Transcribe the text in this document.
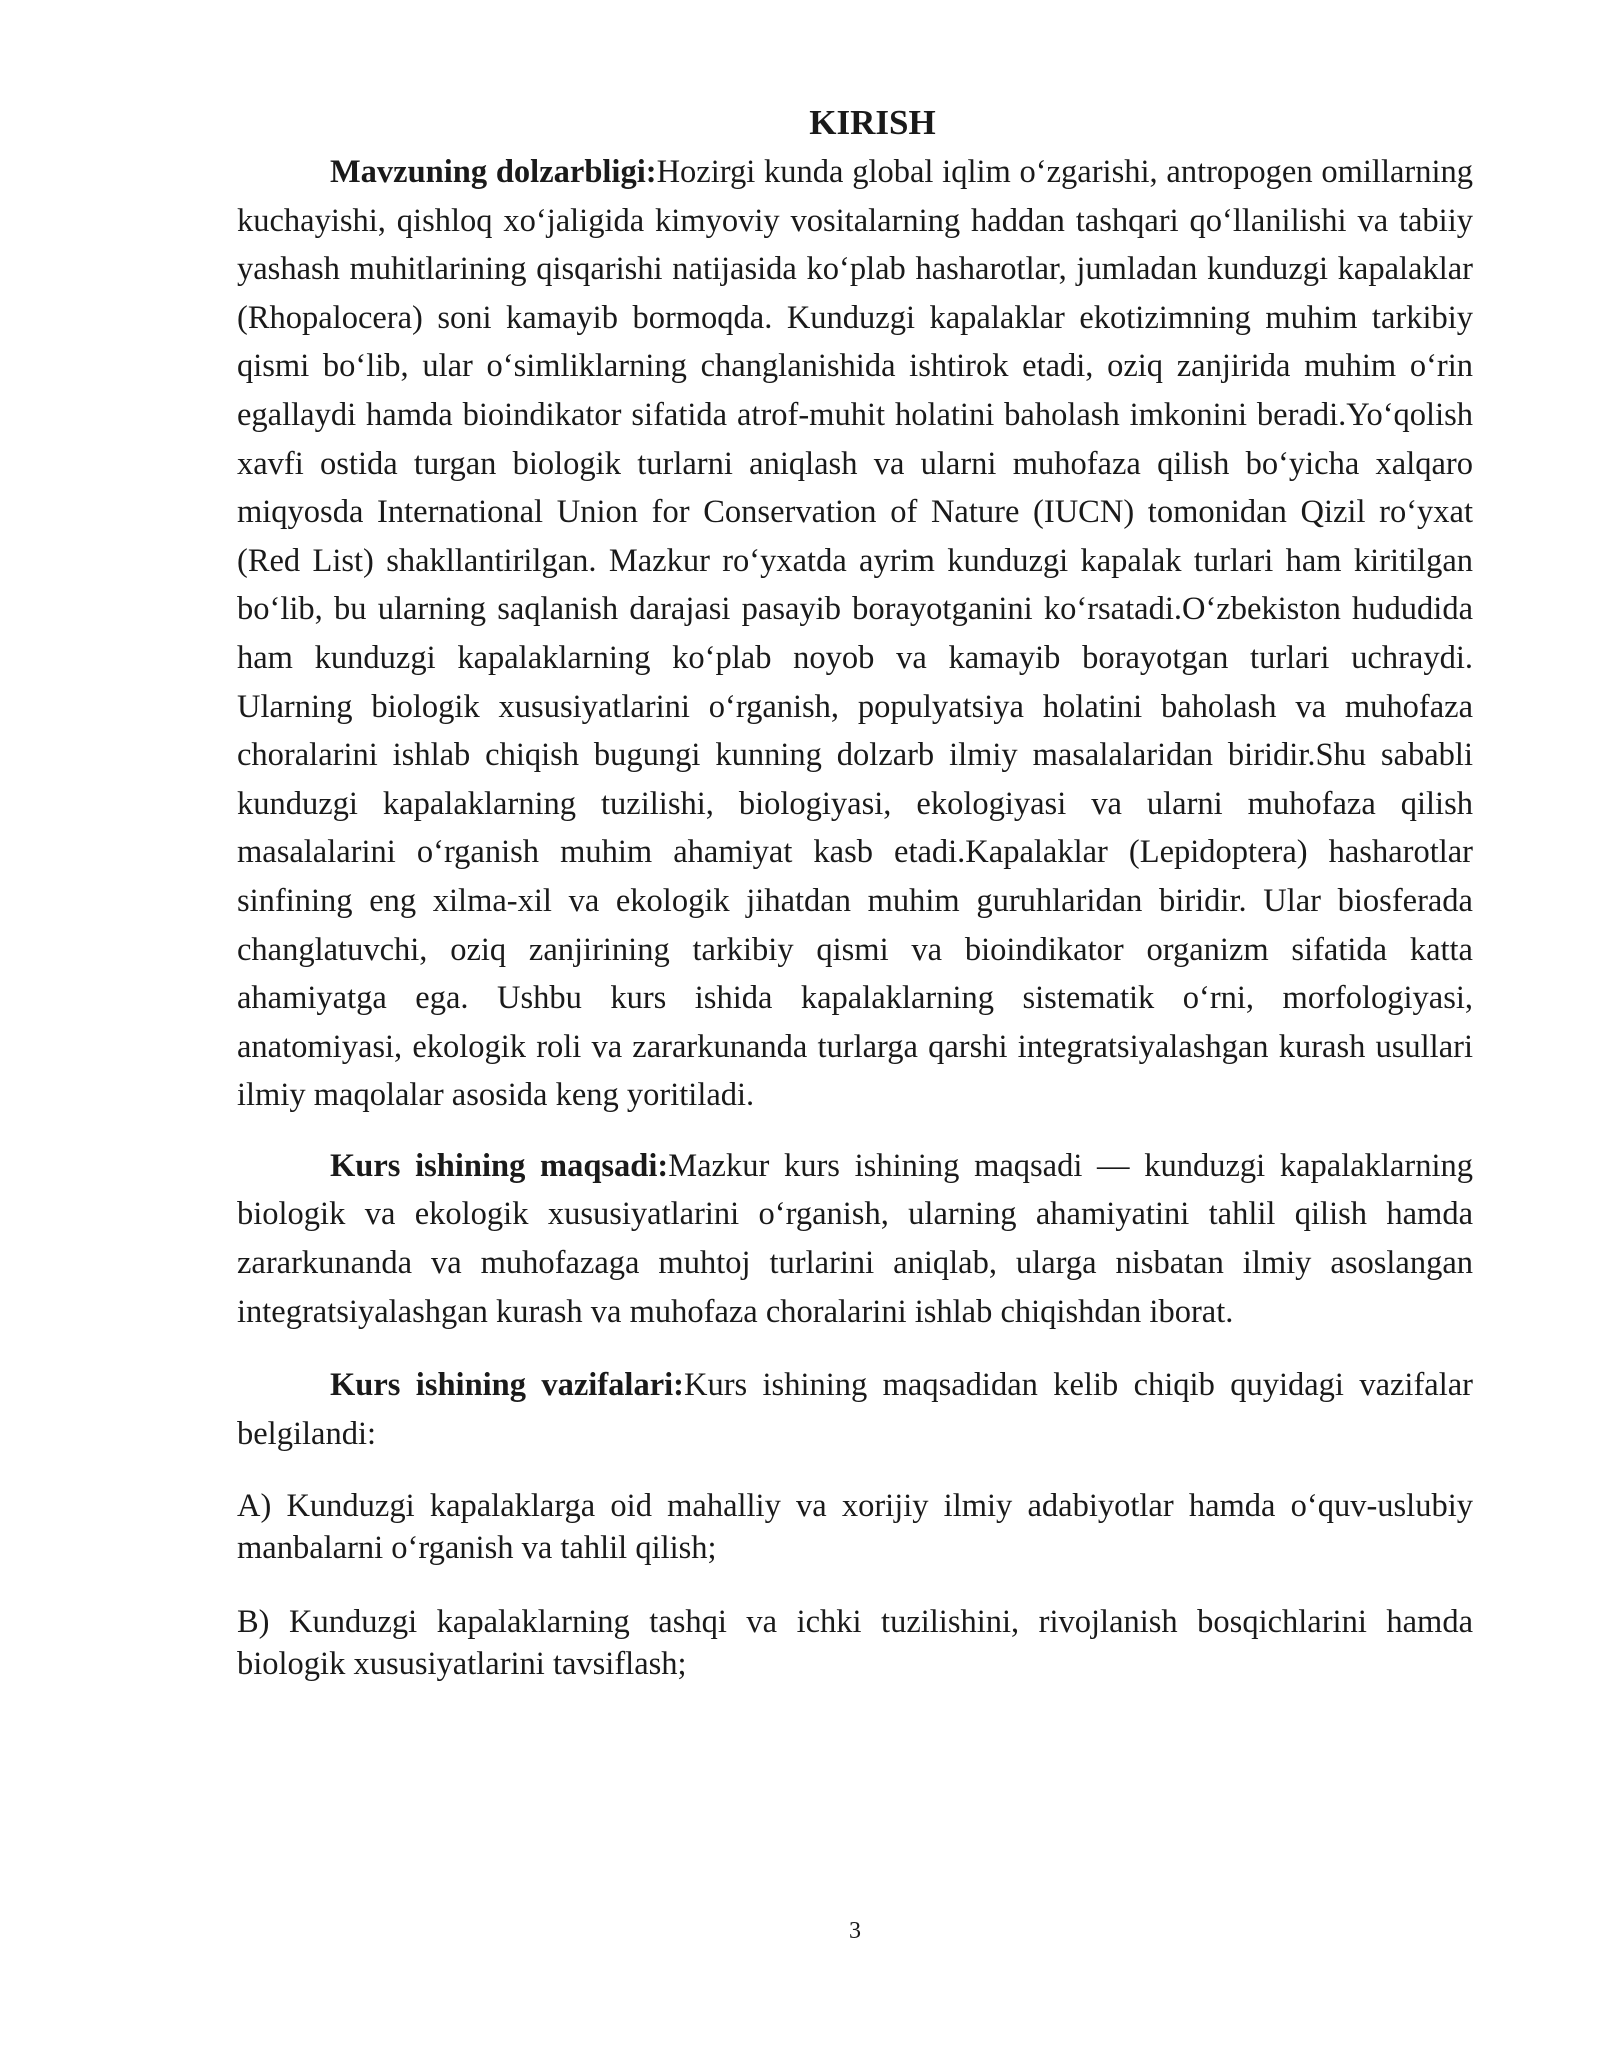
KIRISH

Mavzuning dolzarbligi:Hozirgi kunda global iqlim o‘zgarishi, antropogen omillarning kuchayishi, qishloq xo‘jaligida kimyoviy vositalarning haddan tashqari qo‘llanilishi va tabiiy yashash muhitlarining qisqarishi natijasida ko‘plab hasharotlar, jumladan kunduzgi kapalaklar (Rhopalocera) soni kamayib bormoqda. Kunduzgi kapalaklar ekotizimning muhim tarkibiy qismi bo‘lib, ular o‘simliklarning changlanishida ishtirok etadi, oziq zanjirida muhim o‘rin egallaydi hamda bioindikator sifatida atrof-muhit holatini baholash imkonini beradi.Yo‘qolish xavfi ostida turgan biologik turlarni aniqlash va ularni muhofaza qilish bo‘yicha xalqaro miqyosda International Union for Conservation of Nature (IUCN) tomonidan Qizil ro‘yxat (Red List) shakllantirilgan. Mazkur ro‘yxatda ayrim kunduzgi kapalak turlari ham kiritilgan bo‘lib, bu ularning saqlanish darajasi pasayib borayotganini ko‘rsatadi.O‘zbekiston hududida ham kunduzgi kapalaklarning ko‘plab noyob va kamayib borayotgan turlari uchraydi. Ularning biologik xususiyatlarini o‘rganish, populyatsiya holatini baholash va muhofaza choralarini ishlab chiqish bugungi kunning dolzarb ilmiy masalalaridan biridir.Shu sababli kunduzgi kapalaklarning tuzilishi, biologiyasi, ekologiyasi va ularni muhofaza qilish masalalarini o‘rganish muhim ahamiyat kasb etadi.Kapalaklar (Lepidoptera) hasharotlar sinfining eng xilma-xil va ekologik jihatdan muhim guruhlaridan biridir. Ular biosferada changlatuvchi, oziq zanjirining tarkibiy qismi va bioindikator organizm sifatida katta ahamiyatga ega. Ushbu kurs ishida kapalaklarning sistematik o‘rni, morfologiyasi, anatomiyasi, ekologik roli va zararkunanda turlarga qarshi integratsiyalashgan kurash usullari ilmiy maqolalar asosida keng yoritiladi.

Kurs ishining maqsadi:Mazkur kurs ishining maqsadi — kunduzgi kapalaklarning biologik va ekologik xususiyatlarini o‘rganish, ularning ahamiyatini tahlil qilish hamda zararkunanda va muhofazaga muhtoj turlarini aniqlab, ularga nisbatan ilmiy asoslangan integratsiyalashgan kurash va muhofaza choralarini ishlab chiqishdan iborat.

Kurs ishining vazifalari:Kurs ishining maqsadidan kelib chiqib quyidagi vazifalar belgilandi:

A) Kunduzgi kapalaklarga oid mahalliy va xorijiy ilmiy adabiyotlar hamda o‘quv-uslubiy manbalarni o‘rganish va tahlil qilish;

B) Kunduzgi kapalaklarning tashqi va ichki tuzilishini, rivojlanish bosqichlarini hamda biologik xususiyatlarini tavsiflash;

3
